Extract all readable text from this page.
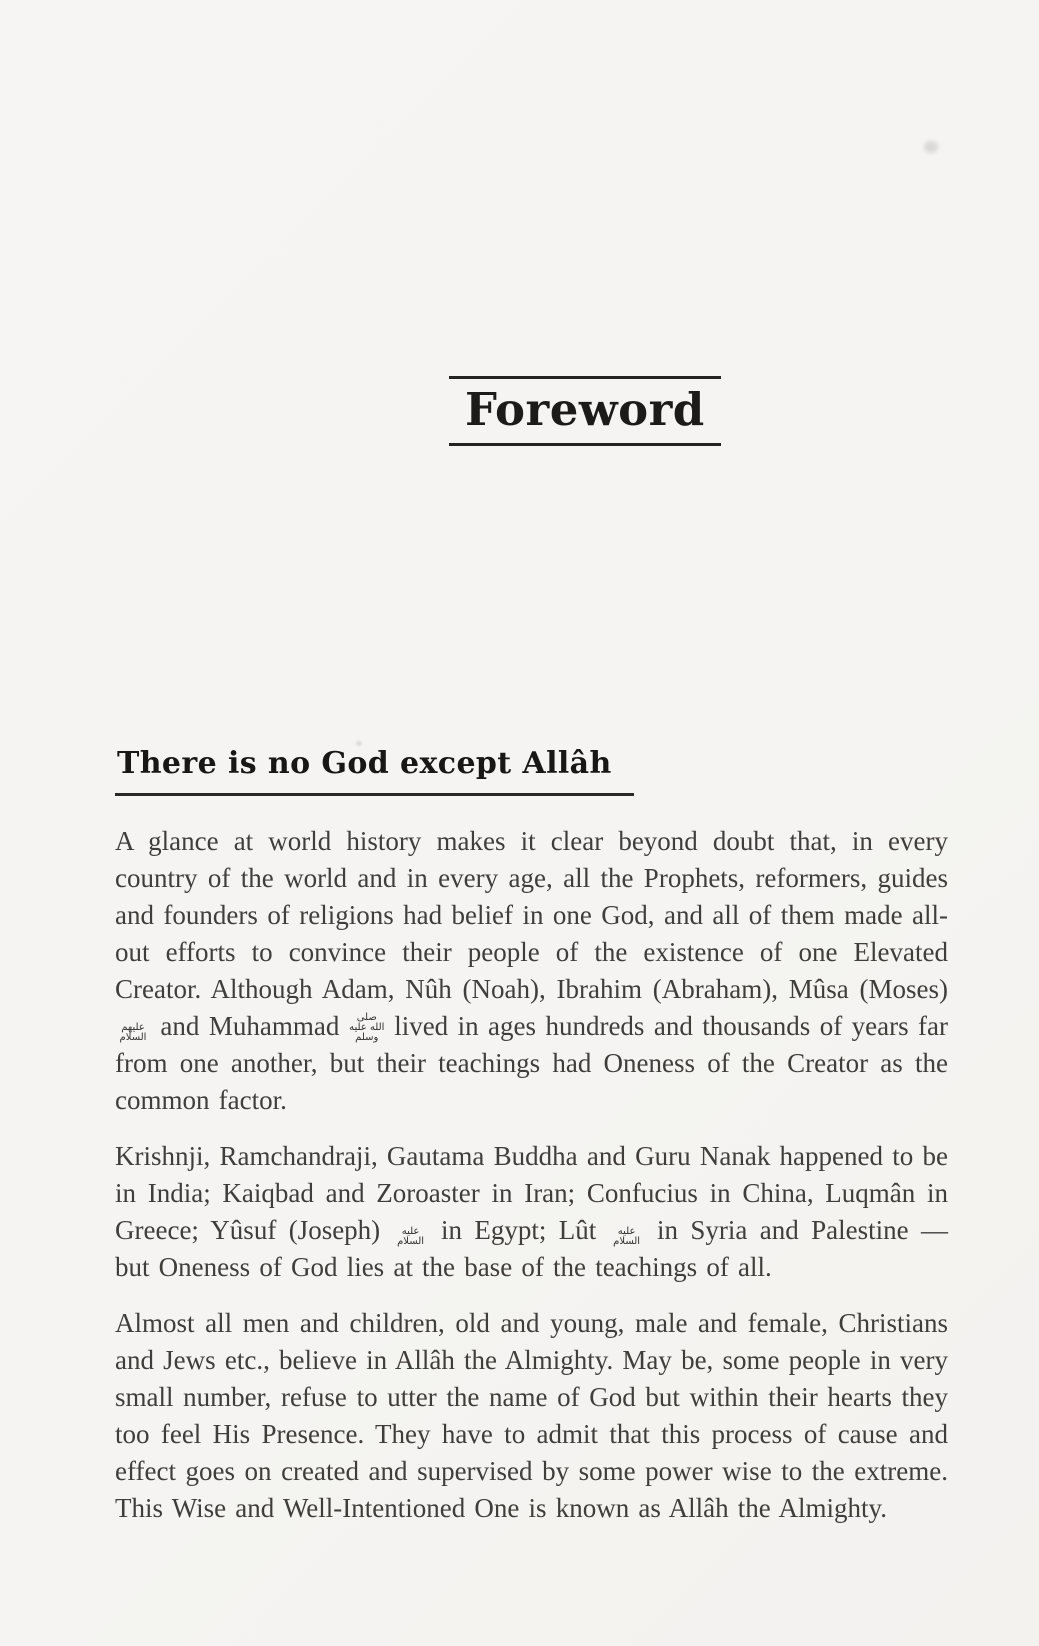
Foreword
There is no God except Allâh

A glance at world history makes it clear beyond doubt that, in every country of the world and in every age, all the Prophets, reformers, guides and founders of religions had belief in one God, and all of them made all-out efforts to convince their people of the existence of one Elevated Creator. Although Adam, Nûh (Noah), Ibrahim (Abraham), Mûsa (Moses) عليهم السلام and Muhammad صلى الله عليه وسلم lived in ages hundreds and thousands of years far from one another, but their teachings had Oneness of the Creator as the common factor.

Krishnji, Ramchandraji, Gautama Buddha and Guru Nanak happened to be in India; Kaiqbad and Zoroaster in Iran; Confucius in China, Luqmân in Greece; Yûsuf (Joseph) عليه السلام in Egypt; Lût عليه السلام in Syria and Palestine — but Oneness of God lies at the base of the teachings of all.

Almost all men and children, old and young, male and female, Christians and Jews etc., believe in Allâh the Almighty. May be, some people in very small number, refuse to utter the name of God but within their hearts they too feel His Presence. They have to admit that this process of cause and effect goes on created and supervised by some power wise to the extreme. This Wise and Well-Intentioned One is known as Allâh the Almighty.
